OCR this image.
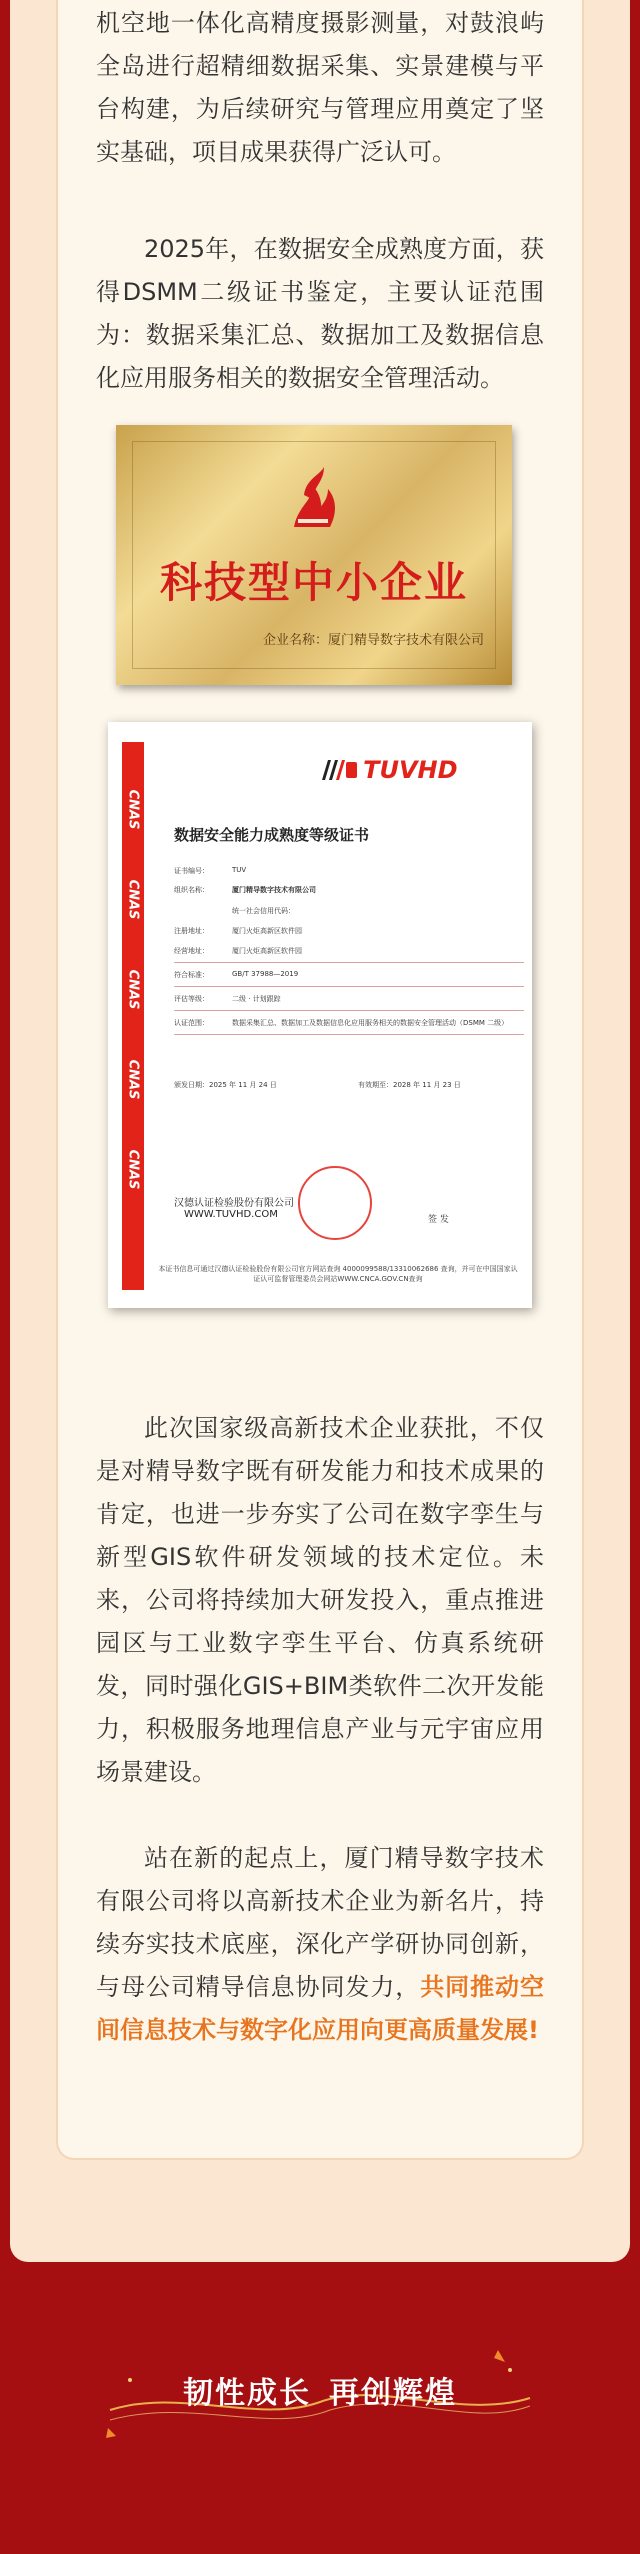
机空地一体化高精度摄影测量，对鼓浪屿全岛进行超精细数据采集、实景建模与平台构建，为后续研究与管理应用奠定了坚实基础，项目成果获得广泛认可。

2025年，在数据安全成熟度方面，获得DSMM二级证书鉴定，主要认证范围为：数据采集汇总、数据加工及数据信息化应用服务相关的数据安全管理活动。

科技型中小企业
企业名称：厦门精导数字技术有限公司
CNAS
CNAS
CNAS
CNAS
CNAS
TUVHD
数据安全能力成熟度等级证书
证书编号：	TUV
组织名称：	厦门精导数字技术有限公司
统一社会信用代码：
注册地址：	厦门火炬高新区软件园
经营地址：	厦门火炬高新区软件园
符合标准：	GB/T 37988—2019
评估等级：	二级 · 计划跟踪
认证范围：	数据采集汇总、数据加工及数据信息化应用服务相关的数据安全管理活动（DSMM 二级）
颁发日期：2025 年 11 月 24 日	有效期至：2028 年 11 月 23 日
汉德认证检验股份有限公司
WWW.TUVHD.COM	签 发
本证书信息可通过汉德认证检验股份有限公司官方网站查询 4000099588/13310062686 查询，并可在中国国家认证认可监督管理委员会网站WWW.CNCA.GOV.CN查询

此次国家级高新技术企业获批，不仅是对精导数字既有研发能力和技术成果的肯定，也进一步夯实了公司在数字孪生与新型GIS软件研发领域的技术定位。未来，公司将持续加大研发投入，重点推进园区与工业数字孪生平台、仿真系统研发，同时强化GIS+BIM类软件二次开发能力，积极服务地理信息产业与元宇宙应用场景建设。

站在新的起点上，厦门精导数字技术有限公司将以高新技术企业为新名片，持续夯实技术底座，深化产学研协同创新，与母公司精导信息协同发力，共同推动空间信息技术与数字化应用向更高质量发展!

韧性成长 再创辉煌
